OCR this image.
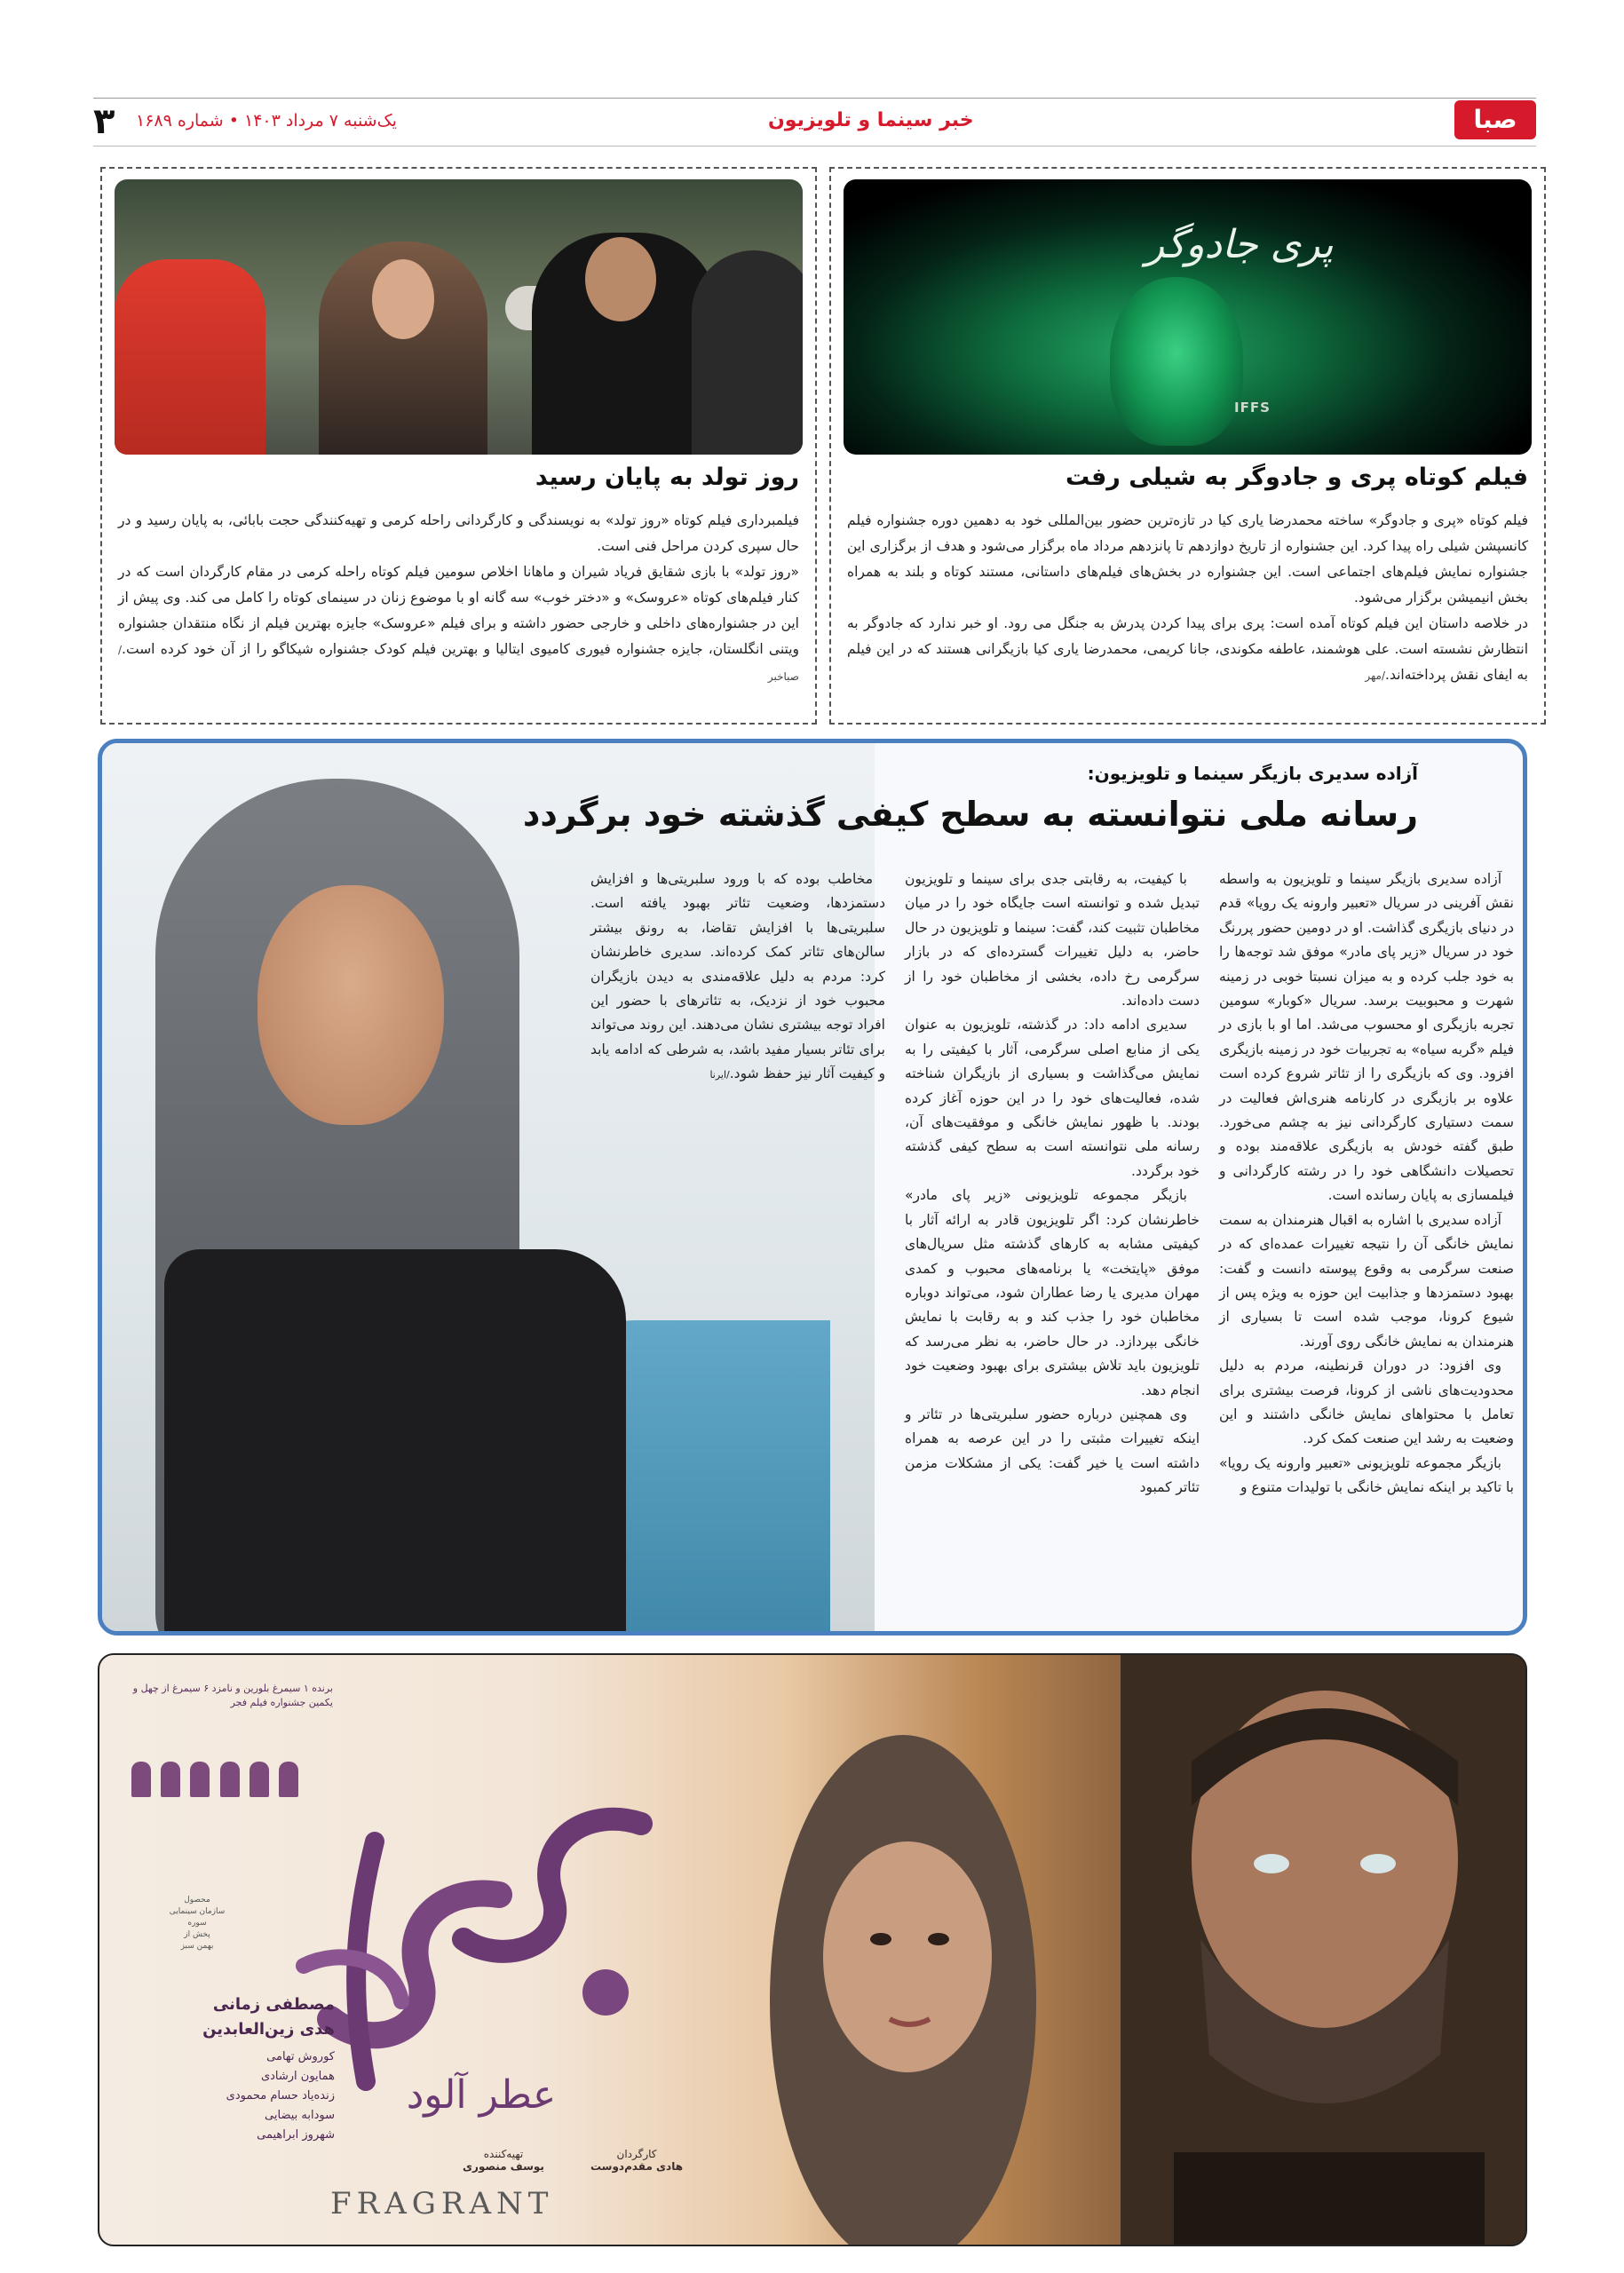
۳ یک‌شنبه ۷ مرداد ۱۴۰۳ • شماره ۱۶۸۹	خبر سینما و تلویزیون	صبا
پری جادوگر
IFFS
فیلم کوتاه پری و جادوگر به شیلی رفت

فیلم کوتاه «پری و جادوگر» ساخته محمدرضا یاری کیا در تازه‌ترین حضور بین‌المللی خود به دهمین دوره جشنواره فیلم کانسپشن شیلی راه پیدا کرد. این جشنواره از تاریخ دوازدهم تا پانزدهم مرداد ماه برگزار می‌شود و هدف از برگزاری این جشنواره نمایش فیلم‌های اجتماعی است. این جشنواره در بخش‌های فیلم‌های داستانی، مستند کوتاه و بلند به همراه بخش انیمیشن برگزار می‌شود.

در خلاصه داستان این فیلم کوتاه آمده است: پری برای پیدا کردن پدرش به جنگل می رود. او خبر ندارد که جادوگر به انتظارش نشسته است. علی هوشمند، عاطفه مکوندی، جانا کریمی، محمدرضا یاری کیا بازیگرانی هستند که در این فیلم به ایفای نقش پرداخته‌اند./مهر

روز تولد به پایان رسید

فیلمبرداری فیلم کوتاه «روز تولد» به نویسندگی و کارگردانی راحله کرمی و تهیه‌کنندگی حجت بابائی، به پایان رسید و در حال سپری کردن مراحل فنی است.

«روز تولد» با بازی شقایق فریاد شیران و ماهانا اخلاص سومین فیلم کوتاه راحله کرمی در مقام کارگردان است که در کنار فیلم‌های کوتاه «عروسک» و «دختر خوب» سه گانه او با موضوع زنان در سینمای کوتاه را کامل می کند. وی پیش از این در جشنواره‌های داخلی و خارجی حضور داشته و برای فیلم «عروسک» جایزه بهترین فیلم از نگاه منتقدان جشنواره ویتنی انگلستان، جایزه جشنواره فیوری کامیوی ایتالیا و بهترین فیلم کودک جشنواره شیکاگو را از آن خود کرده است./صباخبر

آزاده سدیری بازیگر سینما و تلویزیون:
رسانه ملی نتوانسته به سطح کیفی گذشته خود برگردد

آزاده سدیری بازیگر سینما و تلویزیون به واسطه نقش آفرینی در سریال «تعبیر وارونه یک رویا» قدم در دنیای بازیگری گذاشت. او در دومین حضور پررنگ خود در سریال «زیر پای مادر» موفق شد توجه‌ها را به خود جلب کرده و به میزان نسبتا خوبی در زمینه شهرت و محبوبیت برسد. سریال «کوبار» سومین تجربه بازیگری او محسوب می‌شد. اما او با بازی در فیلم «گربه سیاه» به تجربیات خود در زمینه بازیگری افزود. وی که بازیگری را از تئاتر شروع کرده است علاوه بر بازیگری در کارنامه هنری‌اش فعالیت در سمت دستیاری کارگردانی نیز به چشم می‌خورد. طبق گفته خودش به بازیگری علاقه‌مند بوده و تحصیلات دانشگاهی خود را در رشته کارگردانی و فیلمسازی به پایان رسانده است.

آزاده سدیری با اشاره به اقبال هنرمندان به سمت نمایش خانگی آن را نتیجه تغییرات عمده‌ای که در صنعت سرگرمی به وقوع پیوسته دانست و گفت: بهبود دستمزدها و جذابیت این حوزه به ویژه پس از شیوع کرونا، موجب شده است تا بسیاری از هنرمندان به نمایش خانگی روی آورند.

وی افزود: در دوران قرنطینه، مردم به دلیل محدودیت‌های ناشی از کرونا، فرصت بیشتری برای تعامل با محتواهای نمایش خانگی داشتند و این وضعیت به رشد این صنعت کمک کرد.

بازیگر مجموعه تلویزیونی «تعبیر وارونه یک رویا» با تاکید بر اینکه نمایش خانگی با تولیدات متنوع و

با کیفیت، به رقابتی جدی برای سینما و تلویزیون تبدیل شده و توانسته است جایگاه خود را در میان مخاطبان تثبیت کند، گفت: سینما و تلویزیون در حال حاضر، به دلیل تغییرات گسترده‌ای که در بازار سرگرمی رخ داده، بخشی از مخاطبان خود را از دست داده‌اند.

سدیری ادامه داد: در گذشته، تلویزیون به عنوان یکی از منابع اصلی سرگرمی، آثار با کیفیتی را به نمایش می‌گذاشت و بسیاری از بازیگران شناخته شده، فعالیت‌های خود را در این حوزه آغاز کرده بودند. با ظهور نمایش خانگی و موفقیت‌های آن، رسانه ملی نتوانسته است به سطح کیفی گذشته خود برگردد.

بازیگر مجموعه تلویزیونی «زیر پای مادر» خاطرنشان کرد: اگر تلویزیون قادر به ارائه آثار با کیفیتی مشابه به کارهای گذشته مثل سریال‌های موفق «پایتخت» یا برنامه‌های محبوب و کمدی مهران مدیری یا رضا عطاران شود، می‌تواند دوباره مخاطبان خود را جذب کند و به رقابت با نمایش خانگی بپردازد. در حال حاضر، به نظر می‌رسد که تلویزیون باید تلاش بیشتری برای بهبود وضعیت خود انجام دهد.

وی همچنین درباره حضور سلبریتی‌ها در تئاتر و اینکه تغییرات مثبتی را در این عرصه به همراه داشته است یا خیر گفت: یکی از مشکلات مزمن تئاتر کمبود

مخاطب بوده که با ورود سلبریتی‌ها و افزایش دستمزدها، وضعیت تئاتر بهبود یافته است. سلبریتی‌ها با افزایش تقاضا، به رونق بیشتر سالن‌های تئاتر کمک کرده‌اند. سدیری خاطرنشان کرد: مردم به دلیل علاقه‌مندی به دیدن بازیگران محبوب خود از نزدیک، به تئاترهای با حضور این افراد توجه بیشتری نشان می‌دهند. این روند می‌تواند برای تئاتر بسیار مفید باشد، به شرطی که ادامه یابد و کیفیت آثار نیز حفظ شود./ایرنا

برنده ۱ سیمرغ بلورین و نامزد ۶ سیمرغ از چهل و یکمین جشنواره فیلم فجر
محصول
سازمان سینمایی سوره
پخش از
بهمن سبز
عطر آلود
FRAGRANT
کارگردان
هادی مقدم‌دوست
تهیه‌کننده
یوسف منصوری
مصطفی زمانی
هدی زین‌العابدین
کوروش تهامی
همایون ارشادی
زنده‌یاد حسام محمودی
سودابه بیضایی
شهروز ابراهیمی
